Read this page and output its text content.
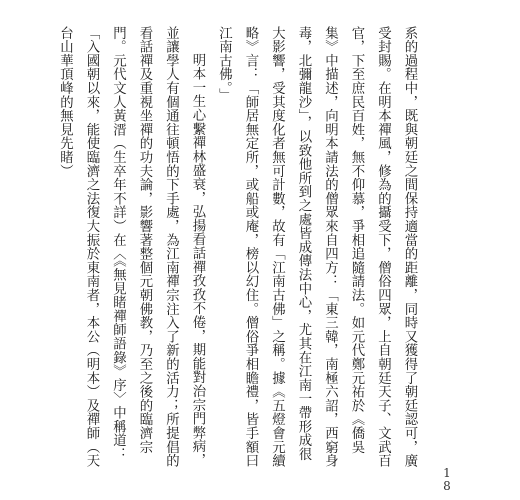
系的過程中，既與朝廷之間保持適當的距離，同時又獲得了朝廷認可，廣受封賜。在明本禪風，修為的攝受下，僧俗四眾，上自朝廷天子、文武百官，下至庶民百姓，無不仰慕，爭相追隨請法。如元代鄭元祐於《僑吳集》中描述，向明本請法的僧眾來自四方：「東三韓，南極六詔，西窮身毒，北彌龍沙」，以致他所到之處皆成傳法中心，尤其在江南一帶形成很大影響，受其度化者無可計數，故有「江南古佛」之稱。據《五燈會元續略》言：「師居無定所，或船或庵，榜以幻住。僧俗爭相瞻禮，皆手額曰江南古佛。」

明本一生心繫禪林盛衰，弘揚看話禪孜孜不倦，期能對治宗門弊病，並讓學人有個通往頓悟的下手處，為江南禪宗注入了新的活力；所提倡的看話禪及重視坐禪的功夫論，影響著整個元朝佛教，乃至之後的臨濟宗門。元代文人黃溍（生卒年不詳）在〈《無見睹禪師語錄》序〉中稱道：「入國朝以來，能使臨濟之法復大振於東南者，本公（明本）及禪師（天台山華頂峰的無見先睹）

18
